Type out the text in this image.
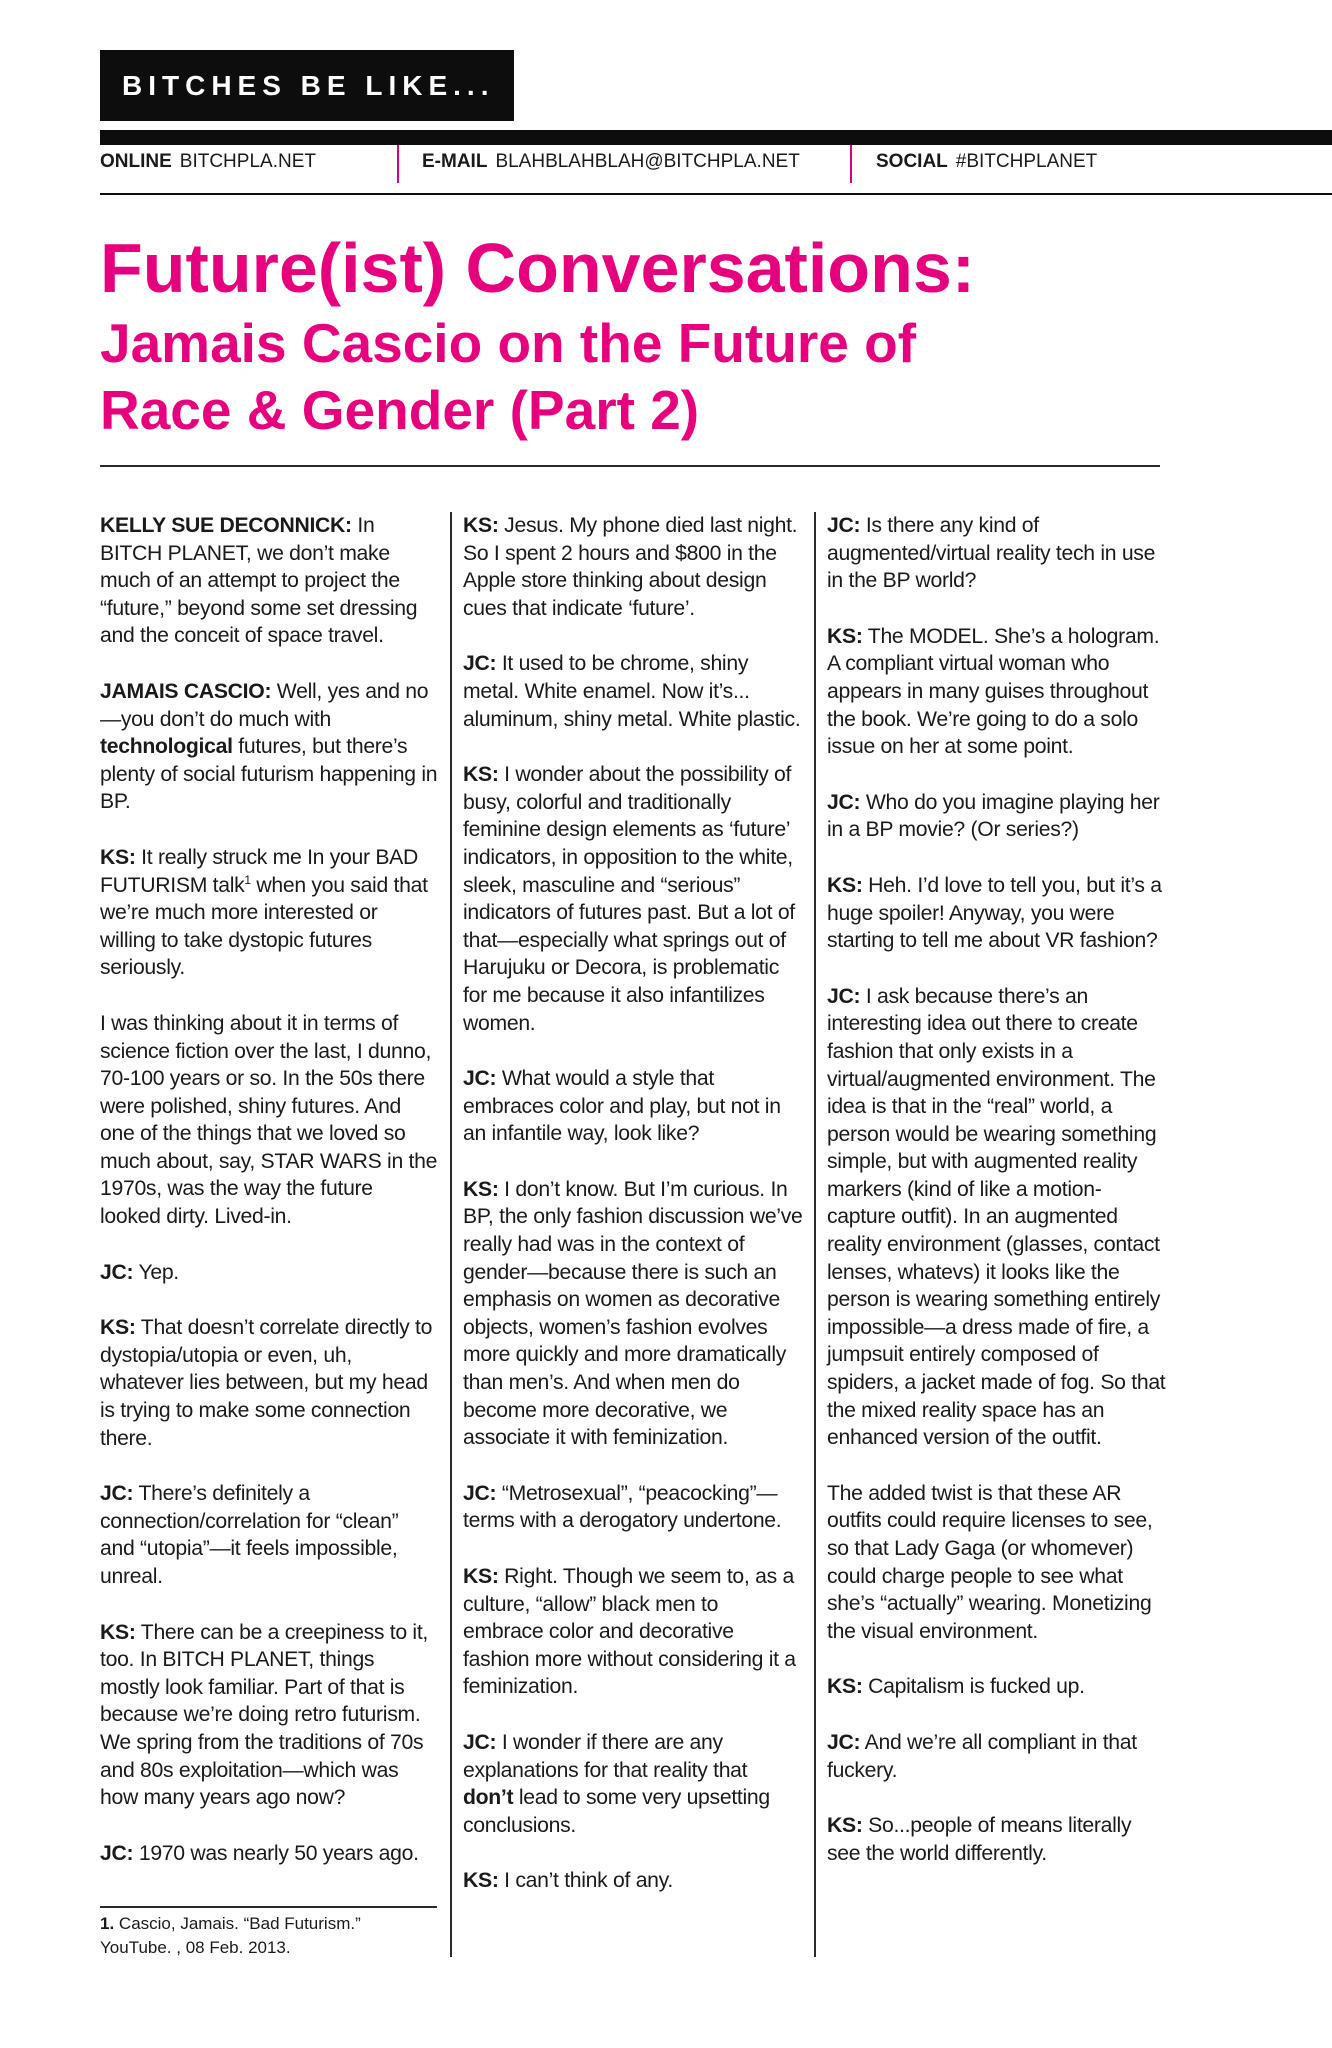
BITCHES BE LIKE...
ONLINE BITCHPLA.NET	E-MAIL BLAHBLAHBLAH@BITCHPLA.NET	SOCIAL #BITCHPLANET
Future(ist) Conversations:
Jamais Cascio on the Future of
Race & Gender (Part 2)

KELLY SUE DECONNICK: In BITCH PLANET, we don’t make much of an attempt to project the “future,” beyond some set dressing and the conceit of space travel.

JAMAIS CASCIO: Well, yes and no—you don’t do much with technological futures, but there’s plenty of social futurism happening in BP.

KS: It really struck me In your BAD FUTURISM talk$^1$ when you said that we’re much more interested or willing to take dystopic futures seriously.

I was thinking about it in terms of science fiction over the last, I dunno, 70-100 years or so. In the 50s there were polished, shiny futures. And one of the things that we loved so much about, say, STAR WARS in the 1970s, was the way the future looked dirty. Lived-in.

JC: Yep.

KS: That doesn’t correlate directly to dystopia/utopia or even, uh, whatever lies between, but my head is trying to make some connection there.

JC: There’s definitely a connection/correlation for “clean” and “utopia”—it feels impossible, unreal.

KS: There can be a creepiness to it, too. In BITCH PLANET, things mostly look familiar. Part of that is because we’re doing retro futurism. We spring from the traditions of 70s and 80s exploitation—which was how many years ago now?

JC: 1970 was nearly 50 years ago.

1. Cascio, Jamais. “Bad Futurism.” YouTube. , 08 Feb. 2013.

KS: Jesus. My phone died last night. So I spent 2 hours and $800 in the Apple store thinking about design cues that indicate ‘future’.

JC: It used to be chrome, shiny metal. White enamel. Now it’s... aluminum, shiny metal. White plastic.

KS: I wonder about the possibility of busy, colorful and traditionally feminine design elements as ‘future’ indicators, in opposition to the white, sleek, masculine and “serious” indicators of futures past. But a lot of that—especially what springs out of Harujuku or Decora, is problematic for me because it also infantilizes women.

JC: What would a style that embraces color and play, but not in an infantile way, look like?

KS: I don’t know. But I’m curious. In BP, the only fashion discussion we’ve really had was in the context of gender—because there is such an emphasis on women as decorative objects, women’s fashion evolves more quickly and more dramatically than men’s. And when men do become more decorative, we associate it with feminization.

JC: “Metrosexual”, “peacocking”—terms with a derogatory undertone.

KS: Right. Though we seem to, as a culture, “allow” black men to embrace color and decorative fashion more without considering it a feminization.

JC: I wonder if there are any explanations for that reality that don’t lead to some very upsetting conclusions.

KS: I can’t think of any.

JC: Is there any kind of augmented/virtual reality tech in use in the BP world?

KS: The MODEL. She’s a hologram. A compliant virtual woman who appears in many guises throughout the book. We’re going to do a solo issue on her at some point.

JC: Who do you imagine playing her in a BP movie? (Or series?)

KS: Heh. I’d love to tell you, but it’s a huge spoiler! Anyway, you were starting to tell me about VR fashion?

JC: I ask because there’s an interesting idea out there to create fashion that only exists in a virtual/augmented environment. The idea is that in the “real” world, a person would be wearing something simple, but with augmented reality markers (kind of like a motion-capture outfit). In an augmented reality environment (glasses, contact lenses, whatevs) it looks like the person is wearing something entirely impossible—a dress made of fire, a jumpsuit entirely composed of spiders, a jacket made of fog. So that the mixed reality space has an enhanced version of the outfit.

The added twist is that these AR outfits could require licenses to see, so that Lady Gaga (or whomever) could charge people to see what she’s “actually” wearing. Monetizing the visual environment.

KS: Capitalism is fucked up.

JC: And we’re all compliant in that fuckery.

KS: So...people of means literally see the world differently.
